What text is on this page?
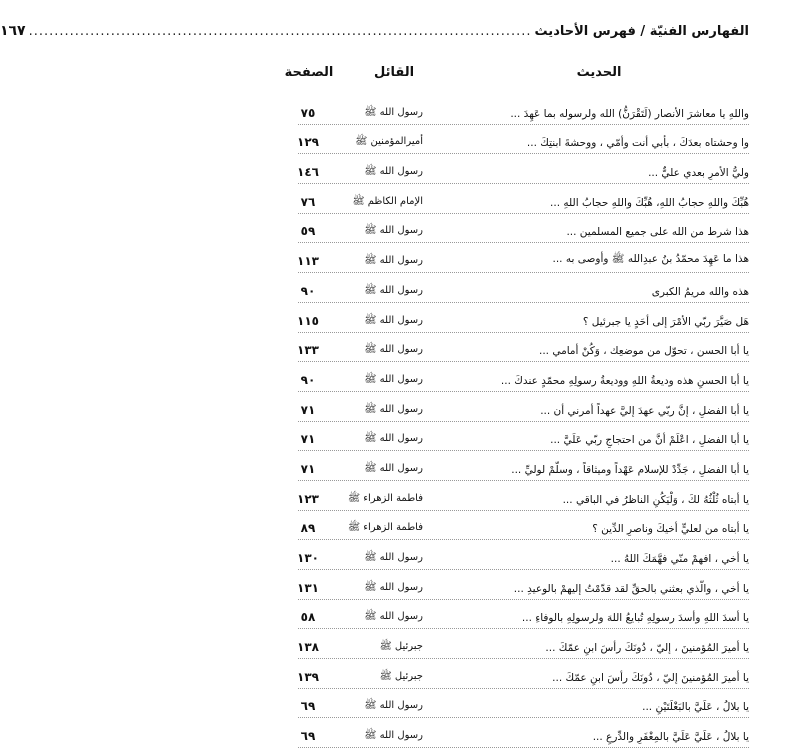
الفهارس الفنيّة / فهرس الأحاديث
..................................................................................................
١٦٧
الحديث
القائل
الصفحة
واللهِ يا معاشرَ الأنصار (لَتَقْرَنُّ) الله ولرسوله بما عَهِدَ ...
رسول الله ﷺ
٧٥
وا وحشتاه بعدَكَ ، بأبي أنت وأمّي ، ووحشةَ ابنتِكَ ...
أميرالمؤمنين ﷺ
١٢٩
وليُّ الأمرِ بعدي عليٌّ ...
رسول الله ﷺ
١٤٦
هُبِّكَ واللهِ حجابُ اللهِ، هُبِّكَ واللهِ حجابُ اللهِ ...
الإمام الكاظم ﷺ
٧٦
هذا شرط من الله على جميع المسلمين ...
رسول الله ﷺ
٥٩
هذا ما عَهِدَ محمّدُ بنُ عبدِالله ﷺ وأوصى به ...
رسول الله ﷺ
١١٣
هذه والله مريمُ الكبرى
رسول الله ﷺ
٩٠
هَل صَيَّرَ ربّي الأمْرَ إلى أحَدٍ يا جبرئيل ؟
رسول الله ﷺ
١١٥
يا أبا الحسن ، تحوّل من موضعِك ، وَكُنْ أمامي ...
رسول الله ﷺ
١٣٣
يا أبا الحسنِ هذه وديعةُ اللهِ ووديعةُ رسولِهِ محمّدٍ عندكَ ...
رسول الله ﷺ
٩٠
يا أبا الفضلِ ، إنَّ ربّي عهدَ إليَّ عهداً أمرني أن ...
رسول الله ﷺ
٧١
يا أبا الفضلِ ، اعْلَمْ أنَّ من احتجاجِ ربّي عَلَيَّ ...
رسول الله ﷺ
٧١
يا أبا الفضلِ ، جَدِّدْ للإسلام عَهْداً وميثاقاً ، وسلّمْ لوليِّ ...
رسول الله ﷺ
٧١
يا أبتاه ثُلْثُهُ لكَ ، وَلْيَكُنِ الناظرُ في الباقي ...
فاطمة الزهراء ﷺ
١٢٣
يا أبتاه من لعليٍّ أخيكَ وناصرِ الدِّين ؟
فاطمة الزهراء ﷺ
٨٩
يا أخي ، افهمْ منّي فهَّمَكَ اللهُ ...
رسول الله ﷺ
١٣٠
يا أخي ، والّذي بعثني بالحقِّ لقد قدّمْتُ إليهمْ بالوعيدِ ...
رسول الله ﷺ
١٣١
يا أسدَ اللهِ وأسدَ رسولِهِ تُبايعُ اللهَ ولرسولِهِ بالوفاءِ ...
رسول الله ﷺ
٥٨
يا أميرَ المُؤمنينَ ، إليّ ، دُونَكَ رأسَ ابنِ عمّكَ ...
جبرئيل ﷺ
١٣٨
يا أميرَ المُؤمنينَ إليّ ، دُونَكَ رأسَ ابنِ عمّكَ ...
جبرئيل ﷺ
١٣٩
يا بلالُ ، عَلَيَّ بالبَغْلَتَيْنِ ...
رسول الله ﷺ
٦٩
يا بلالُ ، عَلَيَّ عَلَيَّ بالمِغْفَرِ والدِّرعِ ...
رسول الله ﷺ
٦٩
